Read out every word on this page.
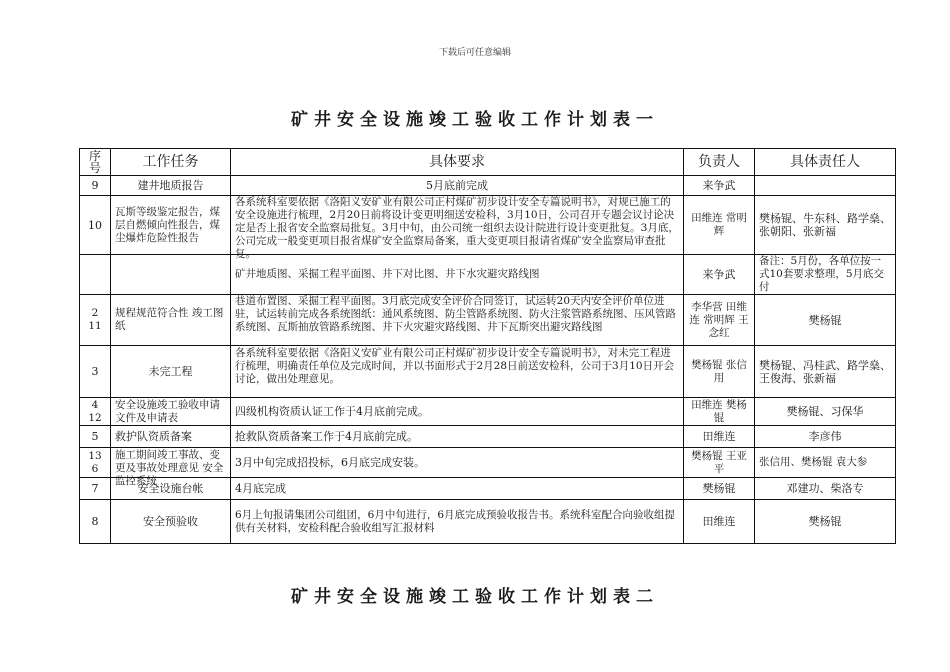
下载后可任意编辑
矿井安全设施竣工验收工作计划表一
序号	工作任务	具体要求	负责人	具体责任人
9	建井地质报告	5月底前完成	来争武	
10	瓦斯等级鉴定报告，煤层自燃倾向性报告，煤尘爆炸危险性报告	各系统科室要依据《洛阳义安矿业有限公司正村煤矿初步设计安全专篇说明书》，对规已施工的安全设施进行梳理，2月20日前将设计变更明细送安检科，3月10日，公司召开专题会议讨论决定是否上报省安全监察局批复。3月中旬，由公司统一组织去设计院进行设计变更批复。3月底，公司完成一般变更项目报省煤矿安全监察局备案，重大变更项目报请省煤矿安全监察局审查批复。	田维连 常明辉	樊杨锟、牛东科、路学燊、张朝阳、张新福
		矿井地质图、采掘工程平面图、井下对比图、井下水灾避灾路线图	来争武	备注：5月份，各单位按一式10套要求整理，5月底交付
2 11	规程规范符合性 竣工图纸	巷道布置图、采掘工程平面图。3月底完成安全评价合同签订，试运转20天内安全评价单位进驻，试运转前完成各系统图纸：通风系统图、防尘管路系统图、防火注浆管路系统图、压风管路系统图、瓦斯抽放管路系统图、井下火灾避灾路线图、井下瓦斯突出避灾路线图	李华营 田维连 常明辉 王念红	樊杨锟
3	未完工程	各系统科室要依据《洛阳义安矿业有限公司正村煤矿初步设计安全专篇说明书》，对未完工程进行梳理，明确责任单位及完成时间，并以书面形式于2月28日前送安检科，公司于3月10日开会讨论，做出处理意见。	樊杨锟 张信用	樊杨锟、冯桂武、路学燊、王俊海、张新福
4 12	安全设施竣工验收申请文件及申请表	四级机构资质认证工作于4月底前完成。	田维连 樊杨锟	樊杨锟、习保华
5	救护队资质备案	抢救队资质备案工作于4月底前完成。	田维连	李彦伟
13 6	施工期间竣工事故、变更及事故处理意见 安全监控系统	3月中旬完成招投标，6月底完成安装。	樊杨锟 王亚平	张信用、樊杨锟 袁大参
7	安全设施台帐	4月底完成	樊杨锟	邓建功、柴洛专
8	安全预验收	6月上旬报请集团公司组团，6月中旬进行，6月底完成预验收报告书。系统科室配合向验收组提供有关材料，安检科配合验收组写汇报材料	田维连	樊杨锟
矿井安全设施竣工验收工作计划表二
